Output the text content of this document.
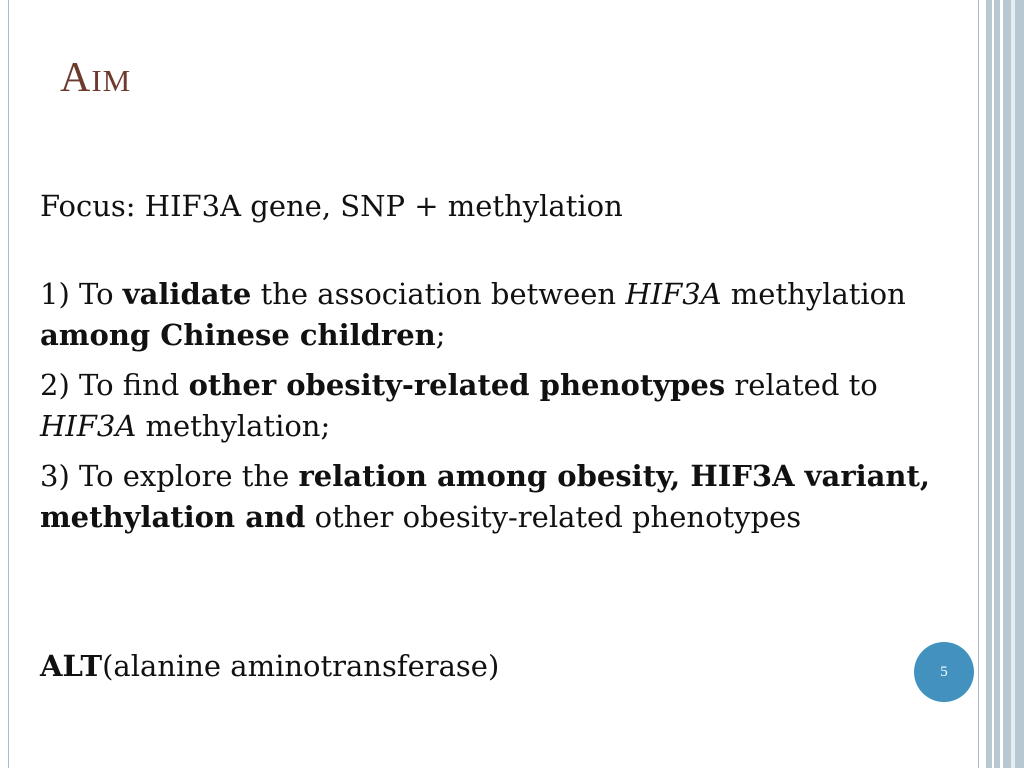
AIM

Focus: HIF3A gene, SNP + methylation

1) To validate the association between HIF3A methylation among Chinese children;

2) To find other obesity-related phenotypes related to
HIF3A methylation;

3) To explore the relation among obesity, HIF3A variant, methylation and other obesity-related phenotypes

ALT(alanine aminotransferase)	5
